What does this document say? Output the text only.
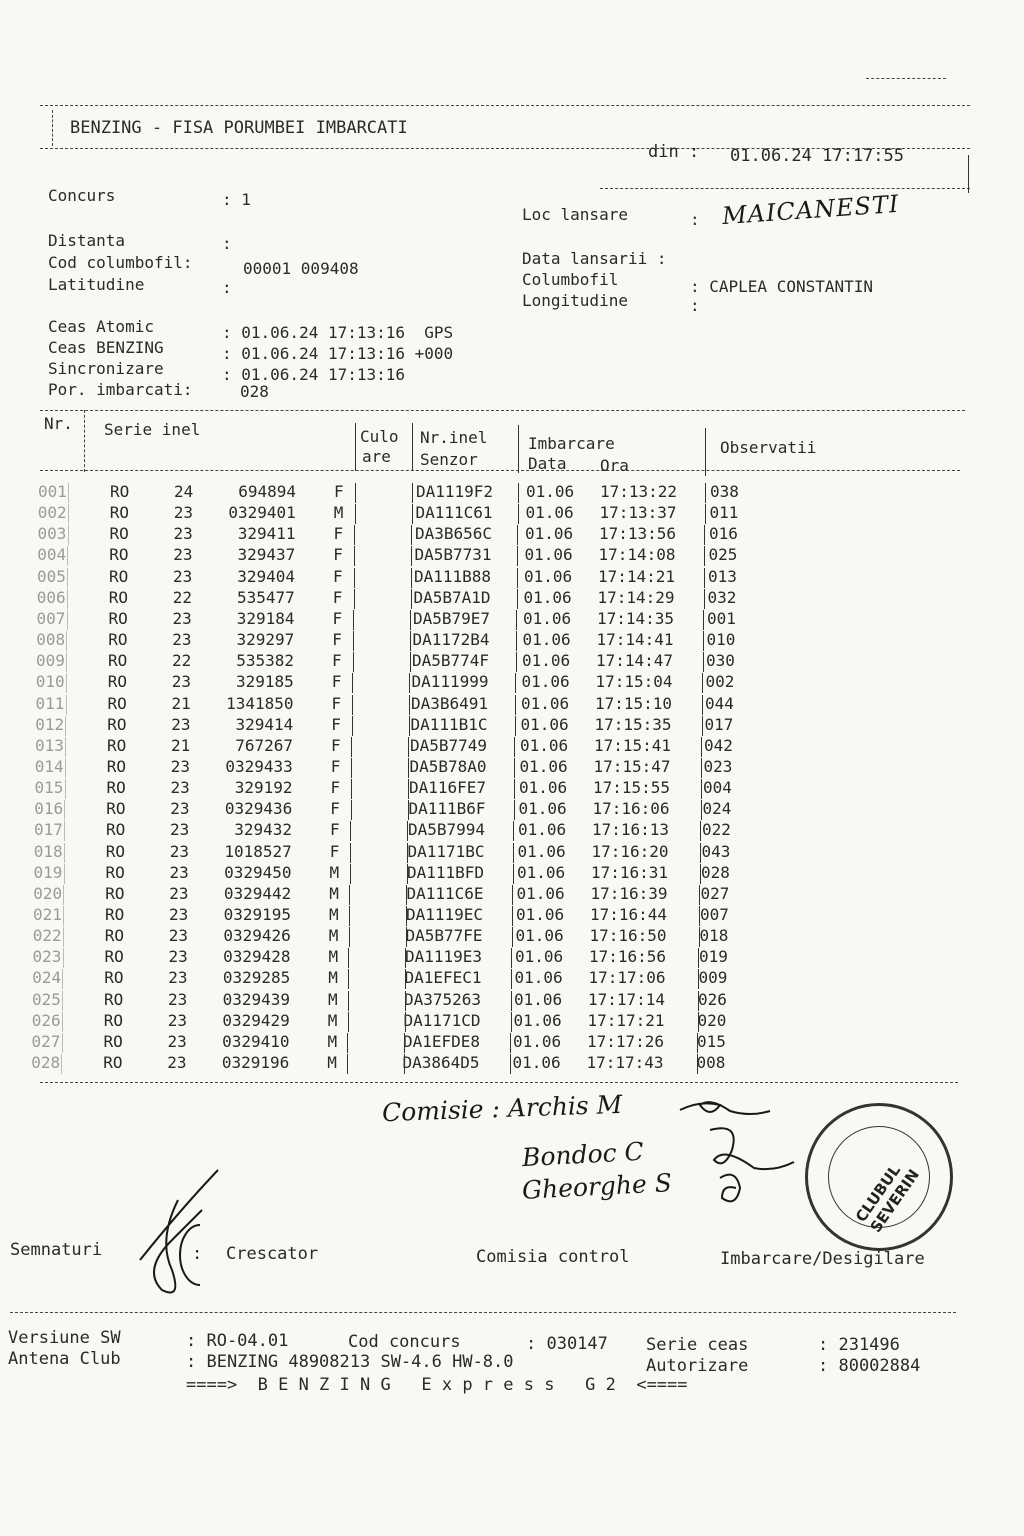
BENZING - FISA PORUMBEI IMBARCATI
din : 01.06.24 17:17:55
Concurs	: 1
Distanta	:
Cod columbofil:	00001 009408
Latitudine	:
Loc lansare	: MAICANESTI
Data lansarii :
Columbofil	: CAPLEA CONSTANTIN
Longitudine	:
Ceas Atomic	: 01.06.24 17:13:16  GPS
Ceas BENZING	: 01.06.24 17:13:16 +000
Sincronizare	: 01.06.24 17:13:16
Por. imbarcati:	028
Nr. Serie inel	Culo
are
Nr.inel
Senzor
Imbarcare
Data Ora
Observatii
001	RO	24	694894 F	DA1119F2 01.06 17:13:22 038
002	RO	23	0329401 M	DA111C61 01.06 17:13:37 011
003	RO	23	329411 F	DA3B656C 01.06 17:13:56 016
004	RO	23	329437 F	DA5B7731 01.06 17:14:08 025
005	RO	23	329404 F	DA111B88 01.06 17:14:21 013
006	RO	22	535477 F	DA5B7A1D 01.06 17:14:29 032
007	RO	23	329184 F	DA5B79E7 01.06 17:14:35 001
008	RO	23	329297 F	DA1172B4 01.06 17:14:41 010
009	RO	22	535382 F	DA5B774F 01.06 17:14:47 030
010	RO	23	329185 F	DA111999 01.06 17:15:04 002
011	RO	21	1341850 F	DA3B6491 01.06 17:15:10 044
012	RO	23	329414 F	DA111B1C 01.06 17:15:35 017
013	RO	21	767267 F	DA5B7749 01.06 17:15:41 042
014	RO	23	0329433 F	DA5B78A0 01.06 17:15:47 023
015	RO	23	329192 F	DA116FE7 01.06 17:15:55 004
016	RO	23	0329436 F	DA111B6F 01.06 17:16:06 024
017	RO	23	329432 F	DA5B7994 01.06 17:16:13 022
018	RO	23	1018527 F	DA1171BC 01.06 17:16:20 043
019	RO	23	0329450 M	DA111BFD 01.06 17:16:31 028
020	RO	23	0329442 M	DA111C6E 01.06 17:16:39 027
021	RO	23	0329195 M	DA1119EC 01.06 17:16:44 007
022	RO	23	0329426 M	DA5B77FE 01.06 17:16:50 018
023	RO	23	0329428 M	DA1119E3 01.06 17:16:56 019
024	RO	23	0329285 M	DA1EFEC1 01.06 17:17:06 009
025	RO	23	0329439 M	DA375263 01.06 17:17:14 026
026	RO	23	0329429 M	DA1171CD 01.06 17:17:21 020
027	RO	23	0329410 M	DA1EFDE8 01.06 17:17:26 015
028	RO	23	0329196 M	DA3864D5 01.06 17:17:43 008
Comisie : Archis M
Bondoc C
Gheorghe S	CLUBUL SEVERIN
Semnaturi	: Crescator	Comisia control	Imbarcare/Desigilare
Versiune SW	: RO-04.01	Cod concurs	: 030147 Serie ceas	: 231496
Antena Club	: BENZING 48908213 SW-4.6 HW-8.0	Autorizare	: 80002884
====>  B E N Z I N G   E x p r e s s   G 2  <====
